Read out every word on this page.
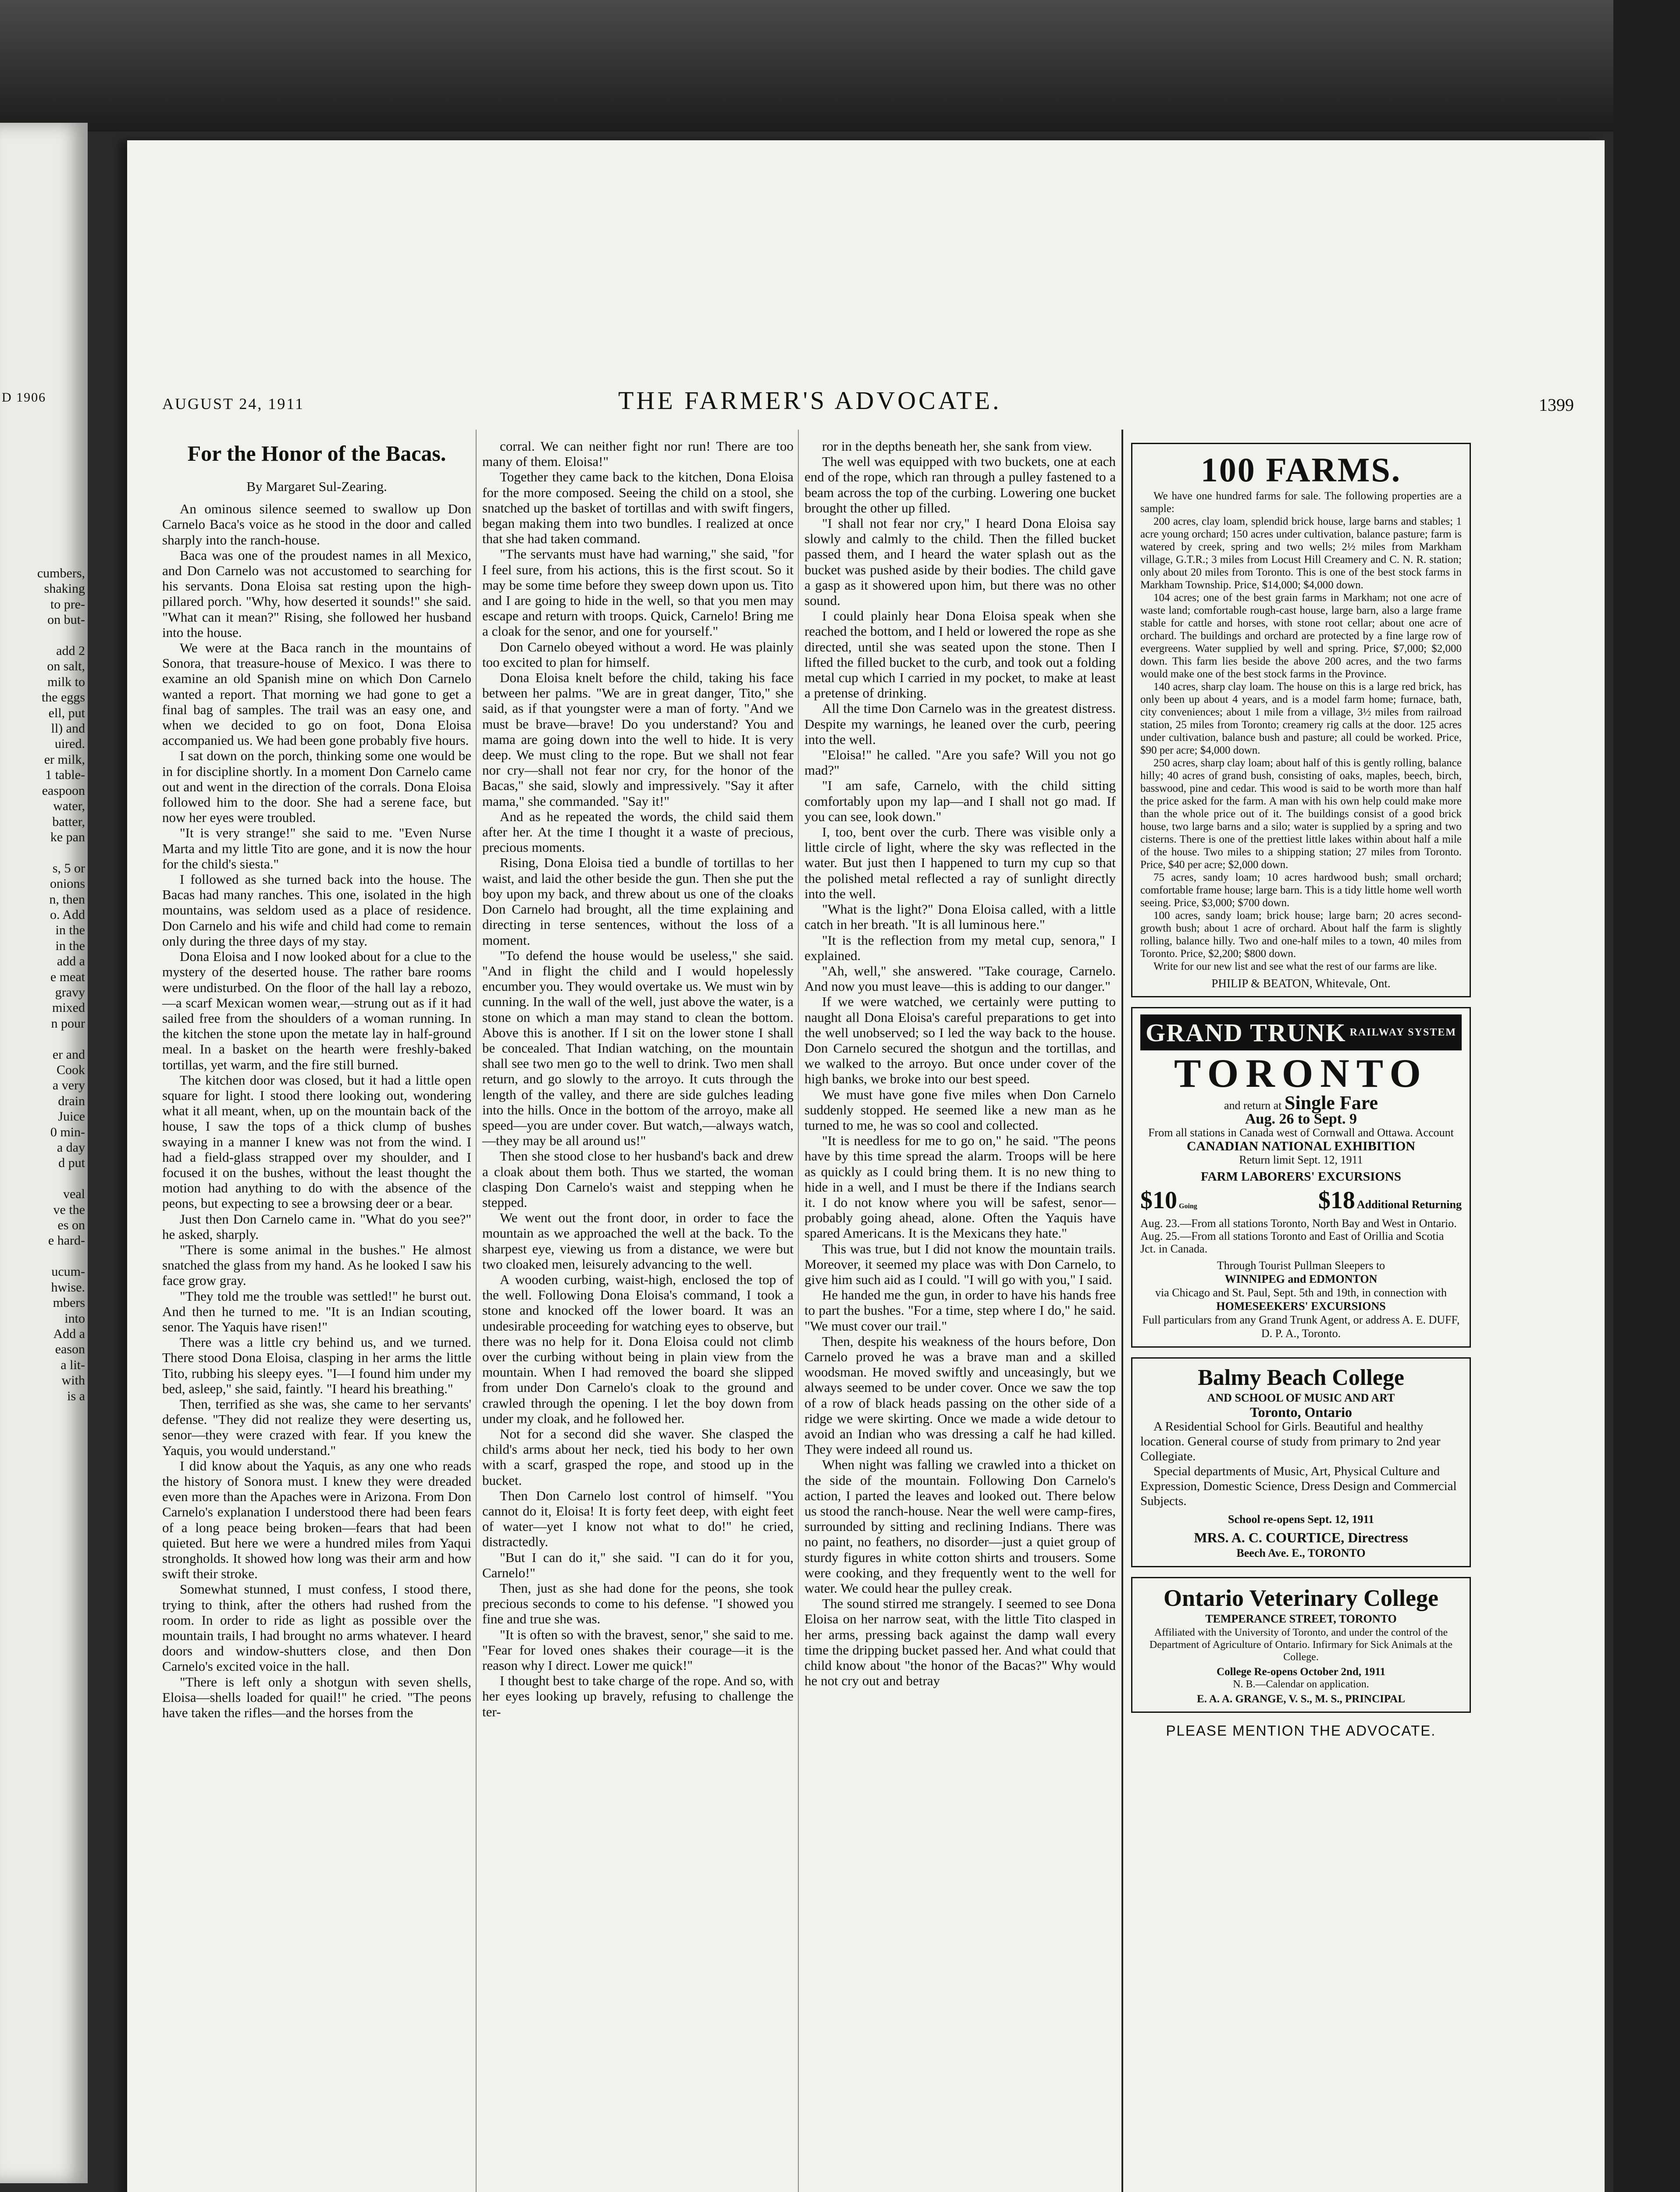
D 1906
cumbers,
shaking
to pre-
on but-

add 2
on salt,
milk to
the eggs
ell, put
ll) and
uired.
er milk,
1 table-
easpoon
water,
batter,
ke pan

s, 5 or
onions
n, then
o. Add
in the
in the
add a
e meat
gravy
mixed
n pour

er and
Cook
a very
drain
Juice
0 min-
a day
d put

veal
ve the
es on
e hard-

ucum-
hwise.
mbers
into
Add a
eason
a lit-
with
is a
AUGUST 24, 1911	THE FARMER'S ADVOCATE.	1399
For the Honor of the Bacas.
By Margaret Sul-Zearing.

An ominous silence seemed to swallow up Don Carnelo Baca's voice as he stood in the door and called sharply into the ranch-house.

Baca was one of the proudest names in all Mexico, and Don Carnelo was not accustomed to searching for his servants. Dona Eloisa sat resting upon the high-pillared porch. "Why, how deserted it sounds!" she said. "What can it mean?" Rising, she followed her husband into the house.

We were at the Baca ranch in the mountains of Sonora, that treasure-house of Mexico. I was there to examine an old Spanish mine on which Don Carnelo wanted a report. That morning we had gone to get a final bag of samples. The trail was an easy one, and when we decided to go on foot, Dona Eloisa accompanied us. We had been gone probably five hours.

I sat down on the porch, thinking some one would be in for discipline shortly. In a moment Don Carnelo came out and went in the direction of the corrals. Dona Eloisa followed him to the door. She had a serene face, but now her eyes were troubled.

"It is very strange!" she said to me. "Even Nurse Marta and my little Tito are gone, and it is now the hour for the child's siesta."

I followed as she turned back into the house. The Bacas had many ranches. This one, isolated in the high mountains, was seldom used as a place of residence. Don Carnelo and his wife and child had come to remain only during the three days of my stay.

Dona Eloisa and I now looked about for a clue to the mystery of the deserted house. The rather bare rooms were undisturbed. On the floor of the hall lay a rebozo,—a scarf Mexican women wear,—strung out as if it had sailed free from the shoulders of a woman running. In the kitchen the stone upon the metate lay in half-ground meal. In a basket on the hearth were freshly-baked tortillas, yet warm, and the fire still burned.

The kitchen door was closed, but it had a little open square for light. I stood there looking out, wondering what it all meant, when, up on the mountain back of the house, I saw the tops of a thick clump of bushes swaying in a manner I knew was not from the wind. I had a field-glass strapped over my shoulder, and I focused it on the bushes, without the least thought the motion had anything to do with the absence of the peons, but expecting to see a browsing deer or a bear.

Just then Don Carnelo came in. "What do you see?" he asked, sharply.

"There is some animal in the bushes." He almost snatched the glass from my hand. As he looked I saw his face grow gray.

"They told me the trouble was settled!" he burst out. And then he turned to me. "It is an Indian scouting, senor. The Yaquis have risen!"

There was a little cry behind us, and we turned. There stood Dona Eloisa, clasping in her arms the little Tito, rubbing his sleepy eyes. "I—I found him under my bed, asleep," she said, faintly. "I heard his breathing."

Then, terrified as she was, she came to her servants' defense. "They did not realize they were deserting us, senor—they were crazed with fear. If you knew the Yaquis, you would understand."

I did know about the Yaquis, as any one who reads the history of Sonora must. I knew they were dreaded even more than the Apaches were in Arizona. From Don Carnelo's explanation I understood there had been fears of a long peace being broken—fears that had been quieted. But here we were a hundred miles from Yaqui strongholds. It showed how long was their arm and how swift their stroke.

Somewhat stunned, I must confess, I stood there, trying to think, after the others had rushed from the room. In order to ride as light as possible over the mountain trails, I had brought no arms whatever. I heard doors and window-shutters close, and then Don Carnelo's excited voice in the hall.

"There is left only a shotgun with seven shells, Eloisa—shells loaded for quail!" he cried. "The peons have taken the rifles—and the horses from the

corral. We can neither fight nor run! There are too many of them. Eloisa!"

Together they came back to the kitchen, Dona Eloisa for the more composed. Seeing the child on a stool, she snatched up the basket of tortillas and with swift fingers, began making them into two bundles. I realized at once that she had taken command.

"The servants must have had warning," she said, "for I feel sure, from his actions, this is the first scout. So it may be some time before they sweep down upon us. Tito and I are going to hide in the well, so that you men may escape and return with troops. Quick, Carnelo! Bring me a cloak for the senor, and one for yourself."

Don Carnelo obeyed without a word. He was plainly too excited to plan for himself.

Dona Eloisa knelt before the child, taking his face between her palms. "We are in great danger, Tito," she said, as if that youngster were a man of forty. "And we must be brave—brave! Do you understand? You and mama are going down into the well to hide. It is very deep. We must cling to the rope. But we shall not fear nor cry—shall not fear nor cry, for the honor of the Bacas," she said, slowly and impressively. "Say it after mama," she commanded. "Say it!"

And as he repeated the words, the child said them after her. At the time I thought it a waste of precious, precious moments.

Rising, Dona Eloisa tied a bundle of tortillas to her waist, and laid the other beside the gun. Then she put the boy upon my back, and threw about us one of the cloaks Don Carnelo had brought, all the time explaining and directing in terse sentences, without the loss of a moment.

"To defend the house would be useless," she said. "And in flight the child and I would hopelessly encumber you. They would overtake us. We must win by cunning. In the wall of the well, just above the water, is a stone on which a man may stand to clean the bottom. Above this is another. If I sit on the lower stone I shall be concealed. That Indian watching, on the mountain shall see two men go to the well to drink. Two men shall return, and go slowly to the arroyo. It cuts through the length of the valley, and there are side gulches leading into the hills. Once in the bottom of the arroyo, make all speed—you are under cover. But watch,—always watch,—they may be all around us!"

Then she stood close to her husband's back and drew a cloak about them both. Thus we started, the woman clasping Don Carnelo's waist and stepping when he stepped.

We went out the front door, in order to face the mountain as we approached the well at the back. To the sharpest eye, viewing us from a distance, we were but two cloaked men, leisurely advancing to the well.

A wooden curbing, waist-high, enclosed the top of the well. Following Dona Eloisa's command, I took a stone and knocked off the lower board. It was an undesirable proceeding for watching eyes to observe, but there was no help for it. Dona Eloisa could not climb over the curbing without being in plain view from the mountain. When I had removed the board she slipped from under Don Carnelo's cloak to the ground and crawled through the opening. I let the boy down from under my cloak, and he followed her.

Not for a second did she waver. She clasped the child's arms about her neck, tied his body to her own with a scarf, grasped the rope, and stood up in the bucket.

Then Don Carnelo lost control of himself. "You cannot do it, Eloisa! It is forty feet deep, with eight feet of water—yet I know not what to do!" he cried, distractedly.

"But I can do it," she said. "I can do it for you, Carnelo!"

Then, just as she had done for the peons, she took precious seconds to come to his defense. "I showed you fine and true she was.

"It is often so with the bravest, senor," she said to me. "Fear for loved ones shakes their courage—it is the reason why I direct. Lower me quick!"

I thought best to take charge of the rope. And so, with her eyes looking up bravely, refusing to challenge the ter-

ror in the depths beneath her, she sank from view.

The well was equipped with two buckets, one at each end of the rope, which ran through a pulley fastened to a beam across the top of the curbing. Lowering one bucket brought the other up filled.

"I shall not fear nor cry," I heard Dona Eloisa say slowly and calmly to the child. Then the filled bucket passed them, and I heard the water splash out as the bucket was pushed aside by their bodies. The child gave a gasp as it showered upon him, but there was no other sound.

I could plainly hear Dona Eloisa speak when she reached the bottom, and I held or lowered the rope as she directed, until she was seated upon the stone. Then I lifted the filled bucket to the curb, and took out a folding metal cup which I carried in my pocket, to make at least a pretense of drinking.

All the time Don Carnelo was in the greatest distress. Despite my warnings, he leaned over the curb, peering into the well.

"Eloisa!" he called. "Are you safe? Will you not go mad?"

"I am safe, Carnelo, with the child sitting comfortably upon my lap—and I shall not go mad. If you can see, look down."

I, too, bent over the curb. There was visible only a little circle of light, where the sky was reflected in the water. But just then I happened to turn my cup so that the polished metal reflected a ray of sunlight directly into the well.

"What is the light?" Dona Eloisa called, with a little catch in her breath. "It is all luminous here."

"It is the reflection from my metal cup, senora," I explained.

"Ah, well," she answered. "Take courage, Carnelo. And now you must leave—this is adding to our danger."

If we were watched, we certainly were putting to naught all Dona Eloisa's careful preparations to get into the well unobserved; so I led the way back to the house. Don Carnelo secured the shotgun and the tortillas, and we walked to the arroyo. But once under cover of the high banks, we broke into our best speed.

We must have gone five miles when Don Carnelo suddenly stopped. He seemed like a new man as he turned to me, he was so cool and collected.

"It is needless for me to go on," he said. "The peons have by this time spread the alarm. Troops will be here as quickly as I could bring them. It is no new thing to hide in a well, and I must be there if the Indians search it. I do not know where you will be safest, senor—probably going ahead, alone. Often the Yaquis have spared Americans. It is the Mexicans they hate."

This was true, but I did not know the mountain trails. Moreover, it seemed my place was with Don Carnelo, to give him such aid as I could. "I will go with you," I said.

He handed me the gun, in order to have his hands free to part the bushes. "For a time, step where I do," he said. "We must cover our trail."

Then, despite his weakness of the hours before, Don Carnelo proved he was a brave man and a skilled woodsman. He moved swiftly and unceasingly, but we always seemed to be under cover. Once we saw the top of a row of black heads passing on the other side of a ridge we were skirting. Once we made a wide detour to avoid an Indian who was dressing a calf he had killed. They were indeed all round us.

When night was falling we crawled into a thicket on the side of the mountain. Following Don Carnelo's action, I parted the leaves and looked out. There below us stood the ranch-house. Near the well were camp-fires, surrounded by sitting and reclining Indians. There was no paint, no feathers, no disorder—just a quiet group of sturdy figures in white cotton shirts and trousers. Some were cooking, and they frequently went to the well for water. We could hear the pulley creak.

The sound stirred me strangely. I seemed to see Dona Eloisa on her narrow seat, with the little Tito clasped in her arms, pressing back against the damp wall every time the dripping bucket passed her. And what could that child know about "the honor of the Bacas?" Why would he not cry out and betray

100 FARMS.

We have one hundred farms for sale. The following properties are a sample:

200 acres, clay loam, splendid brick house, large barns and stables; 1 acre young orchard; 150 acres under cultivation, balance pasture; farm is watered by creek, spring and two wells; 2½ miles from Markham village, G.T.R.; 3 miles from Locust Hill Creamery and C. N. R. station; only about 20 miles from Toronto. This is one of the best stock farms in Markham Township. Price, $14,000; $4,000 down.

104 acres; one of the best grain farms in Markham; not one acre of waste land; comfortable rough-cast house, large barn, also a large frame stable for cattle and horses, with stone root cellar; about one acre of orchard. The buildings and orchard are protected by a fine large row of evergreens. Water supplied by well and spring. Price, $7,000; $2,000 down. This farm lies beside the above 200 acres, and the two farms would make one of the best stock farms in the Province.

140 acres, sharp clay loam. The house on this is a large red brick, has only been up about 4 years, and is a model farm home; furnace, bath, city conveniences; about 1 mile from a village, 3½ miles from railroad station, 25 miles from Toronto; creamery rig calls at the door. 125 acres under cultivation, balance bush and pasture; all could be worked. Price, $90 per acre; $4,000 down.

250 acres, sharp clay loam; about half of this is gently rolling, balance hilly; 40 acres of grand bush, consisting of oaks, maples, beech, birch, basswood, pine and cedar. This wood is said to be worth more than half the price asked for the farm. A man with his own help could make more than the whole price out of it. The buildings consist of a good brick house, two large barns and a silo; water is supplied by a spring and two cisterns. There is one of the prettiest little lakes within about half a mile of the house. Two miles to a shipping station; 27 miles from Toronto. Price, $40 per acre; $2,000 down.

75 acres, sandy loam; 10 acres hardwood bush; small orchard; comfortable frame house; large barn. This is a tidy little home well worth seeing. Price, $3,000; $700 down.

100 acres, sandy loam; brick house; large barn; 20 acres second-growth bush; about 1 acre of orchard. About half the farm is slightly rolling, balance hilly. Two and one-half miles to a town, 40 miles from Toronto. Price, $2,200; $800 down.

Write for our new list and see what the rest of our farms are like.

PHILIP & BEATON, Whitevale, Ont.

GRAND TRUNK RAILWAY SYSTEM
TORONTO
and return at Single Fare
Aug. 26 to Sept. 9
From all stations in Canada west of Cornwall and Ottawa. Account
CANADIAN NATIONAL EXHIBITION
Return limit Sept. 12, 1911
FARM LABORERS' EXCURSIONS
$10 Going	$18 Additional Returning
Aug. 23.—From all stations Toronto, North Bay and West in Ontario.
Aug. 25.—From all stations Toronto and East of Orillia and Scotia Jct. in Canada.
Through Tourist Pullman Sleepers to
WINNIPEG and EDMONTON
via Chicago and St. Paul, Sept. 5th and 19th, in connection with
HOMESEEKERS' EXCURSIONS
Full particulars from any Grand Trunk Agent, or address A. E. DUFF, D. P. A., Toronto.
Balmy Beach College
AND SCHOOL OF MUSIC AND ART
Toronto, Ontario
A Residential School for Girls. Beautiful and healthy location. General course of study from primary to 2nd year Collegiate.
Special departments of Music, Art, Physical Culture and Expression, Domestic Science, Dress Design and Commercial Subjects.
School re-opens Sept. 12, 1911
MRS. A. C. COURTICE, Directress
Beech Ave. E., TORONTO
Ontario Veterinary College
TEMPERANCE STREET, TORONTO
Affiliated with the University of Toronto, and under the control of the Department of Agriculture of Ontario. Infirmary for Sick Animals at the College.
College Re-opens October 2nd, 1911
N. B.—Calendar on application.
E. A. A. GRANGE, V. S., M. S., PRINCIPAL
PLEASE MENTION THE ADVOCATE.
